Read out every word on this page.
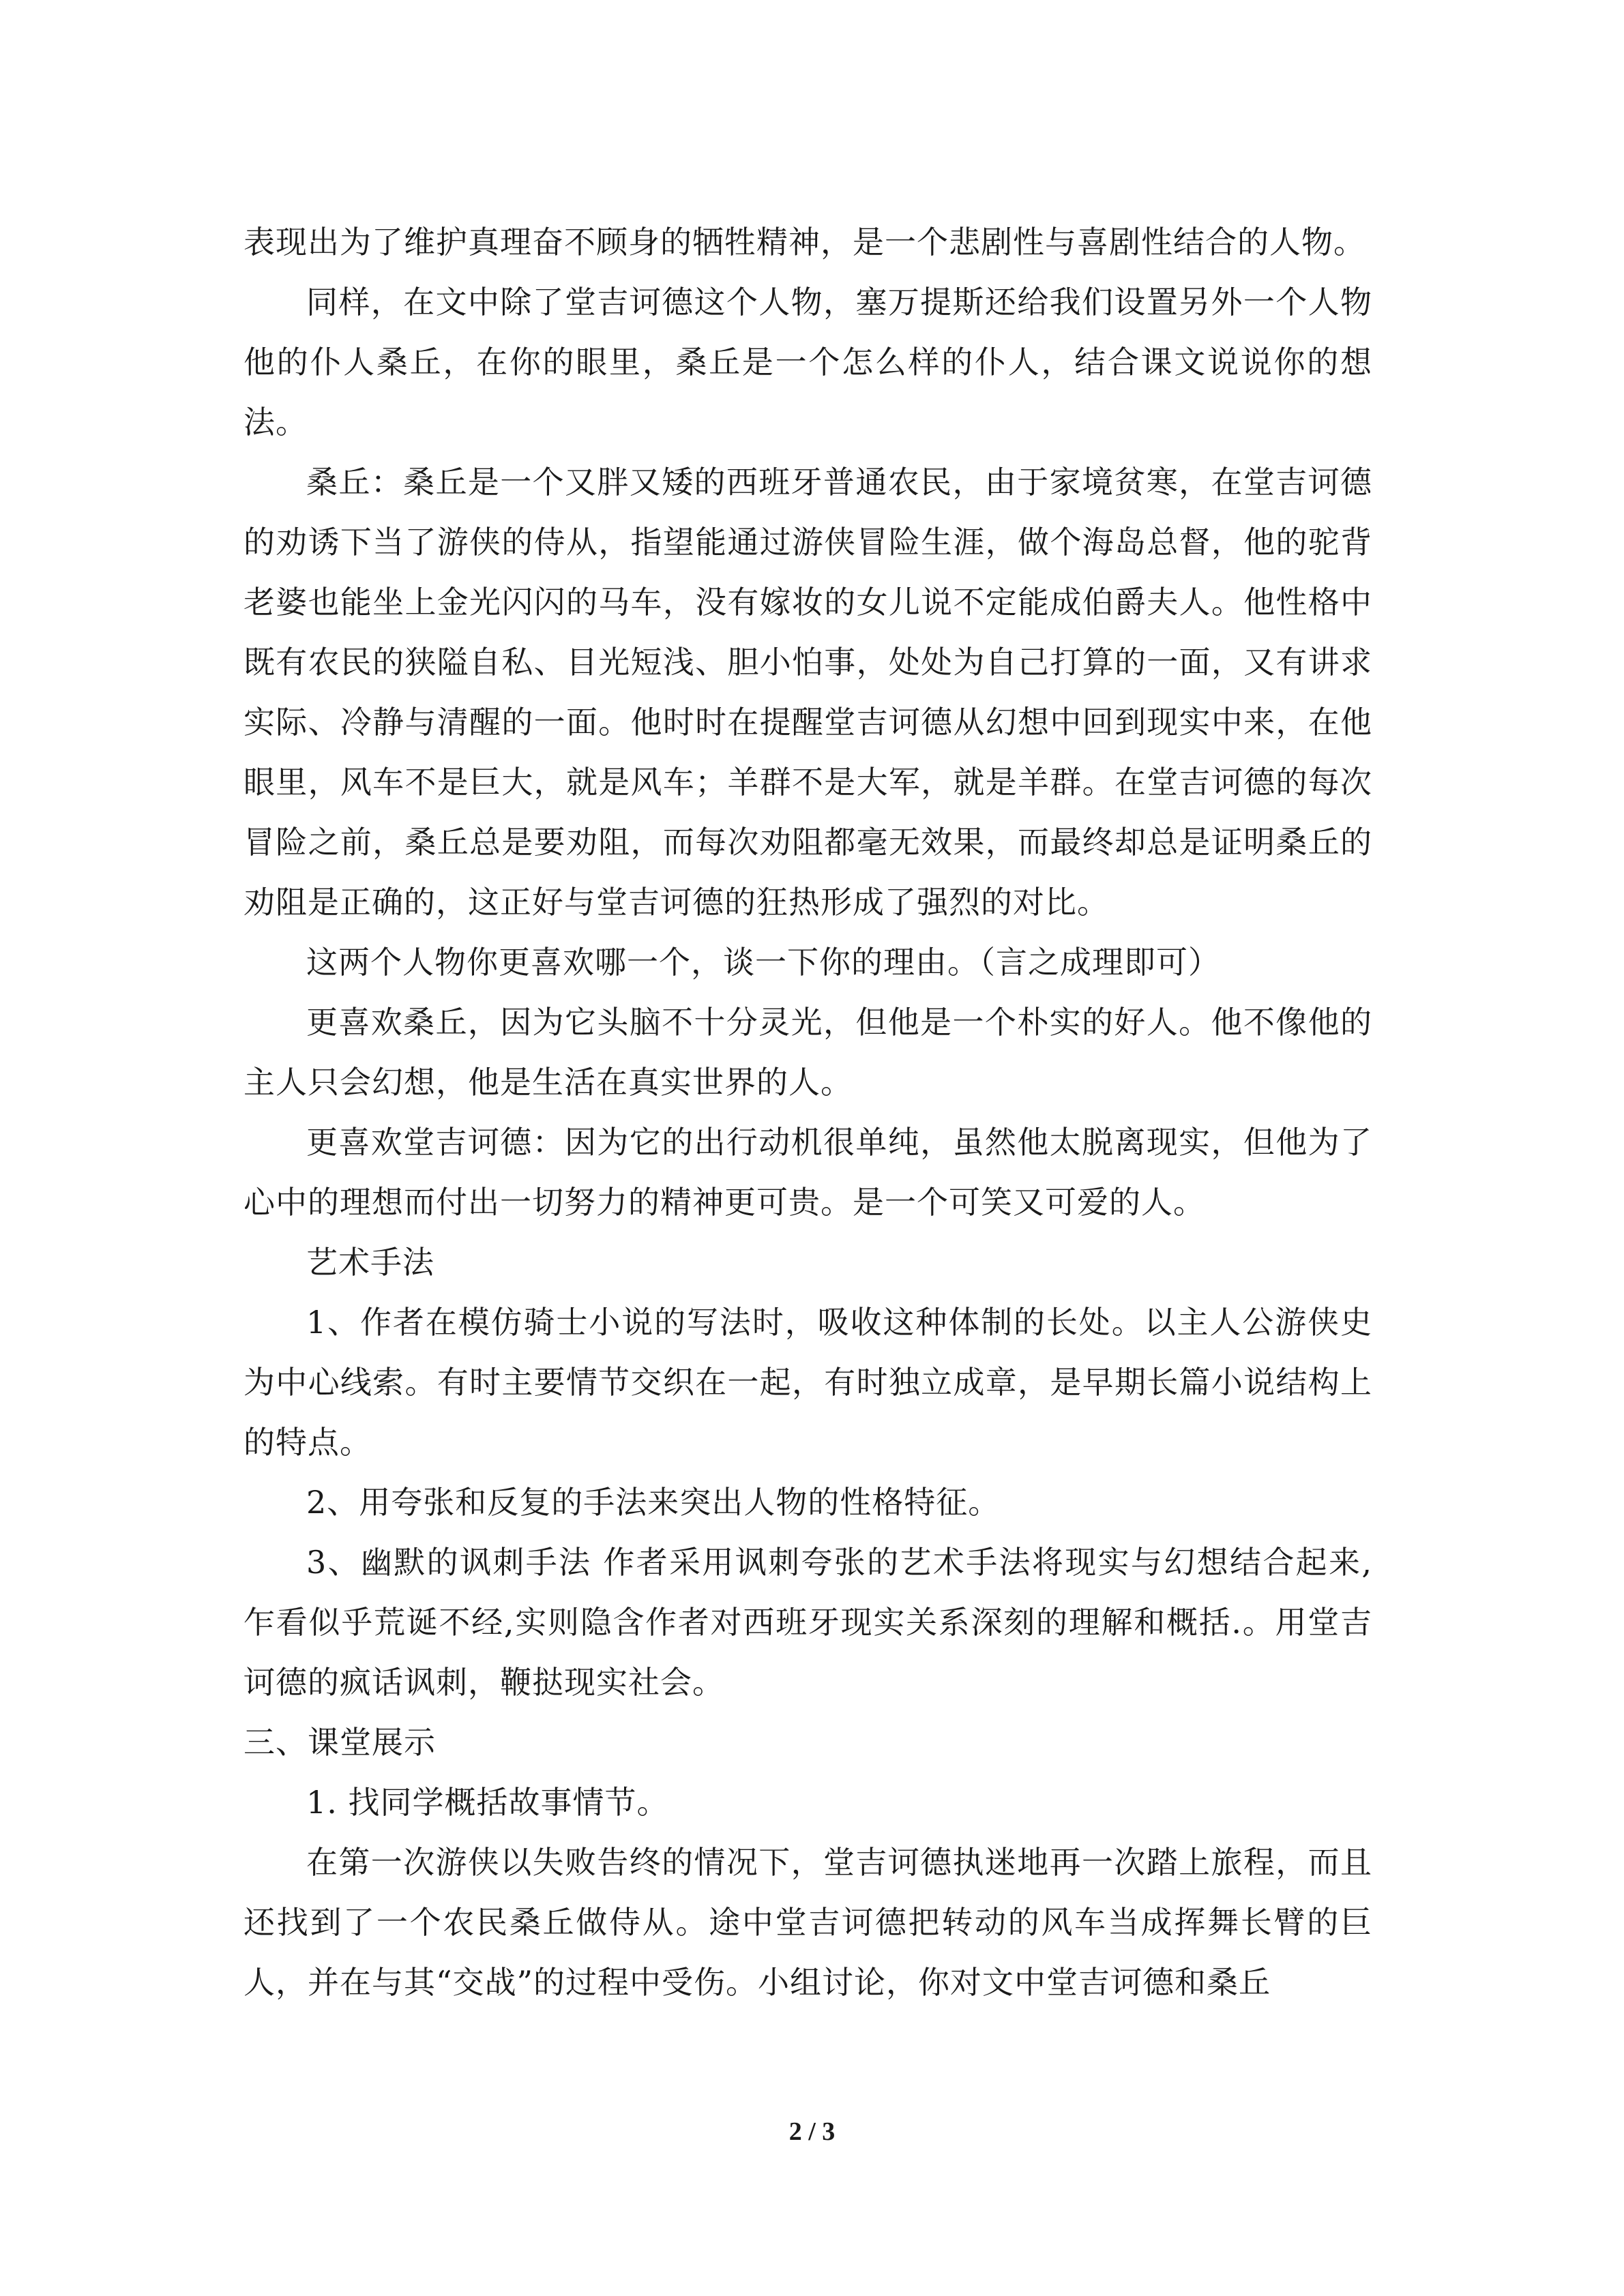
表现出为了维护真理奋不顾身的牺牲精神，是一个悲剧性与喜剧性结合的人物。

同样，在文中除了堂吉诃德这个人物，塞万提斯还给我们设置另外一个人物他的仆人桑丘，在你的眼里，桑丘是一个怎么样的仆人，结合课文说说你的想法。

桑丘：桑丘是一个又胖又矮的西班牙普通农民，由于家境贫寒，在堂吉诃德的劝诱下当了游侠的侍从，指望能通过游侠冒险生涯，做个海岛总督，他的驼背老婆也能坐上金光闪闪的马车，没有嫁妆的女儿说不定能成伯爵夫人。他性格中既有农民的狭隘自私、目光短浅、胆小怕事，处处为自己打算的一面，又有讲求实际、冷静与清醒的一面。他时时在提醒堂吉诃德从幻想中回到现实中来，在他眼里，风车不是巨大，就是风车；羊群不是大军，就是羊群。在堂吉诃德的每次冒险之前，桑丘总是要劝阻，而每次劝阻都毫无效果，而最终却总是证明桑丘的劝阻是正确的，这正好与堂吉诃德的狂热形成了强烈的对比。

这两个人物你更喜欢哪一个，谈一下你的理由。（言之成理即可）

更喜欢桑丘，因为它头脑不十分灵光，但他是一个朴实的好人。他不像他的主人只会幻想，他是生活在真实世界的人。

更喜欢堂吉诃德：因为它的出行动机很单纯，虽然他太脱离现实，但他为了心中的理想而付出一切努力的精神更可贵。是一个可笑又可爱的人。

艺术手法

1、作者在模仿骑士小说的写法时，吸收这种体制的长处。以主人公游侠史为中心线索。有时主要情节交织在一起，有时独立成章，是早期长篇小说结构上的特点。

2、用夸张和反复的手法来突出人物的性格特征。

3、幽默的讽刺手法 作者采用讽刺夸张的艺术手法将现实与幻想结合起来,乍看似乎荒诞不经,实则隐含作者对西班牙现实关系深刻的理解和概括.。用堂吉诃德的疯话讽刺，鞭挞现实社会。

三、课堂展示

1. 找同学概括故事情节。

在第一次游侠以失败告终的情况下，堂吉诃德执迷地再一次踏上旅程，而且还找到了一个农民桑丘做侍从。途中堂吉诃德把转动的风车当成挥舞长臂的巨人，并在与其“交战”的过程中受伤。小组讨论，你对文中堂吉诃德和桑丘

2 / 3
